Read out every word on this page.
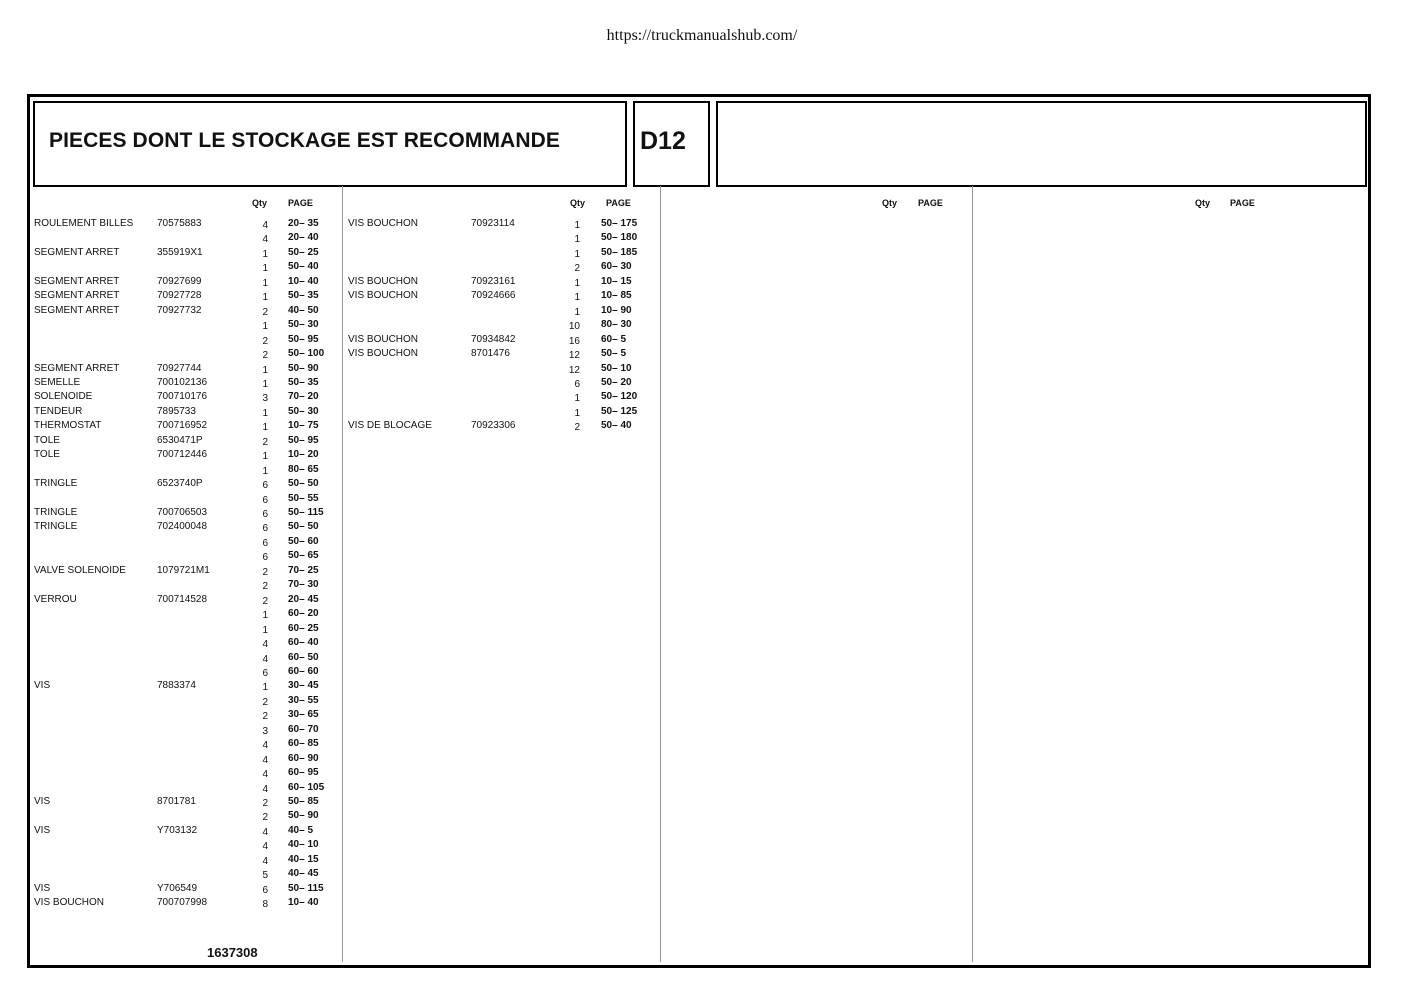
https://truckmanualshub.com/
PIECES DONT LE STOCKAGE EST RECOMMANDE	D12
Qty PAGE	Qty PAGE	Qty PAGE	Qty PAGE
ROULEMENT BILLES 70575883	4 20– 35
4 20– 40
SEGMENT ARRET	355919X1	1 50– 25
1 50– 40
SEGMENT ARRET	70927699	1 10– 40
SEGMENT ARRET	70927728	1 50– 35
SEGMENT ARRET	70927732	2 40– 50
1 50– 30
2 50– 95
2 50– 100
SEGMENT ARRET	70927744	1 50– 90
SEMELLE	700102136	1 50– 35
SOLENOIDE	700710176	3 70– 20
TENDEUR	7895733	1 50– 30
THERMOSTAT	700716952	1 10– 75
TOLE	6530471P	2 50– 95
TOLE	700712446	1 10– 20
1 80– 65
TRINGLE	6523740P	6 50– 50
6 50– 55
TRINGLE	700706503	6 50– 115
TRINGLE	702400048	6 50– 50
6 50– 60
6 50– 65
VALVE SOLENOIDE	1079721M1	2 70– 25
2 70– 30
VERROU	700714528	2 20– 45
1 60– 20
1 60– 25
4 60– 40
4 60– 50
6 60– 60
VIS	7883374	1 30– 45
2 30– 55
2 30– 65
3 60– 70
4 60– 85
4 60– 90
4 60– 95
4 60– 105
VIS	8701781	2 50– 85
2 50– 90
VIS	Y703132	4 40– 5
4 40– 10
4 40– 15
5 40– 45
VIS	Y706549	6 50– 115
VIS BOUCHON	700707998	8 10– 40
VIS BOUCHON	70923114	1 50– 175
1 50– 180
1 50– 185
2 60– 30
VIS BOUCHON	70923161	1 10– 15
VIS BOUCHON	70924666	1 10– 85
1 10– 90
10 80– 30
VIS BOUCHON	70934842	16 60– 5
VIS BOUCHON	8701476	12 50– 5
12 50– 10
6 50– 20
1 50– 120
1 50– 125
VIS DE BLOCAGE	70923306	2 50– 40
1637308
